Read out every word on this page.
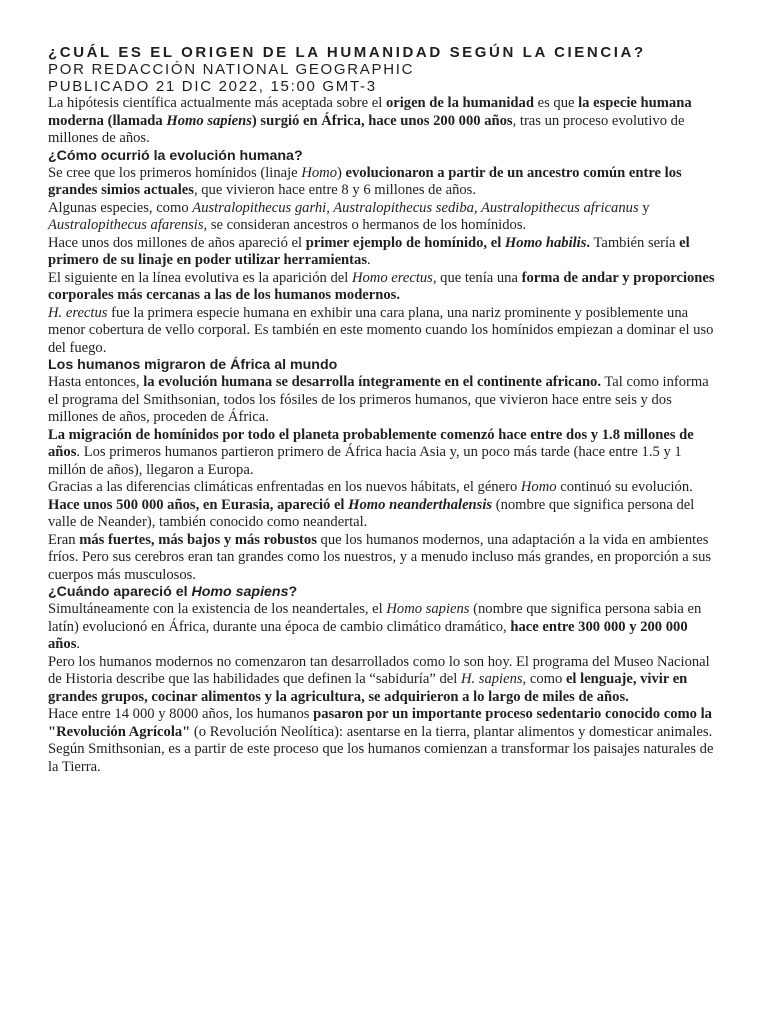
¿CUÁL ES EL ORIGEN DE LA HUMANIDAD SEGÚN LA CIENCIA?
POR REDACCIÓN NATIONAL GEOGRAPHIC
PUBLICADO 21 DIC 2022, 15:00 GMT-3

La hipótesis científica actualmente más aceptada sobre el origen de la humanidad es que la especie humana moderna (llamada Homo sapiens) surgió en África, hace unos 200 000 años, tras un proceso evolutivo de millones de años.

¿Cómo ocurrió la evolución humana?

Se cree que los primeros homínidos (linaje Homo) evolucionaron a partir de un ancestro común entre los grandes simios actuales, que vivieron hace entre 8 y 6 millones de años.

Algunas especies, como Australopithecus garhi, Australopithecus sediba, Australopithecus africanus y Australopithecus afarensis, se consideran ancestros o hermanos de los homínidos.

Hace unos dos millones de años apareció el primer ejemplo de homínido, el Homo habilis. También sería el primero de su linaje en poder utilizar herramientas.

El siguiente en la línea evolutiva es la aparición del Homo erectus, que tenía una forma de andar y proporciones corporales más cercanas a las de los humanos modernos.

H. erectus fue la primera especie humana en exhibir una cara plana, una nariz prominente y posiblemente una menor cobertura de vello corporal. Es también en este momento cuando los homínidos empiezan a dominar el uso del fuego.

Los humanos migraron de África al mundo

Hasta entonces, la evolución humana se desarrolla íntegramente en el continente africano. Tal como informa el programa del Smithsonian, todos los fósiles de los primeros humanos, que vivieron hace entre seis y dos millones de años, proceden de África.

La migración de homínidos por todo el planeta probablemente comenzó hace entre dos y 1.8 millones de años. Los primeros humanos partieron primero de África hacia Asia y, un poco más tarde (hace entre 1.5 y 1 millón de años), llegaron a Europa.

Gracias a las diferencias climáticas enfrentadas en los nuevos hábitats, el género Homo continuó su evolución. Hace unos 500 000 años, en Eurasia, apareció el Homo neanderthalensis (nombre que significa persona del valle de Neander), también conocido como neandertal.

Eran más fuertes, más bajos y más robustos que los humanos modernos, una adaptación a la vida en ambientes fríos. Pero sus cerebros eran tan grandes como los nuestros, y a menudo incluso más grandes, en proporción a sus cuerpos más musculosos.

¿Cuándo apareció el Homo sapiens?

Simultáneamente con la existencia de los neandertales, el Homo sapiens (nombre que significa persona sabia en latín) evolucionó en África, durante una época de cambio climático dramático, hace entre 300 000 y 200 000 años.

Pero los humanos modernos no comenzaron tan desarrollados como lo son hoy. El programa del Museo Nacional de Historia describe que las habilidades que definen la “sabiduría” del H. sapiens, como el lenguaje, vivir en grandes grupos, cocinar alimentos y la agricultura, se adquirieron a lo largo de miles de años.

Hace entre 14 000 y 8000 años, los humanos pasaron por un importante proceso sedentario conocido como la "Revolución Agrícola" (o Revolución Neolítica): asentarse en la tierra, plantar alimentos y domesticar animales. Según Smithsonian, es a partir de este proceso que los humanos comienzan a transformar los paisajes naturales de la Tierra.
